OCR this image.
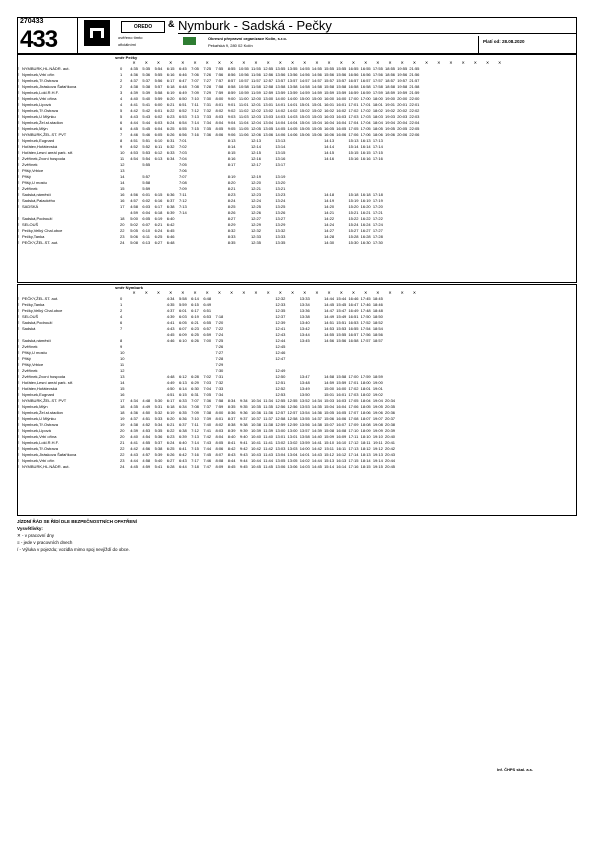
270433
433	OREDO	& Nymburk - Sadská - Pečky
ověřeno tímto
oficiálními
Okresní přepravní organizace Kolín, s.r.o.
Pekařská 9, 280 02 Kolín
Platí od: 28.08.2020
směr Pečky
			✕	✕	✕	✕	✕	✕	✕	✕	✕	✕	✕	✕	✕	✕	✕	✕	✕	✕	✕	✕	✕	✕	✕	✕	✕	✕	✕	✕	✕	✕	✕	
≡	NYMBURK,HL.NÁDR. aut.	0	4:35	5:35	5:54	6:15	6:45	7:05	7:25	7:55	8:55	10:55	11:55	12:55	13:55	13:55	14:55	14:55	15:55	15:55	16:55	16:55	17:55	18:55	19:55	21:55								
≡	Nymburk,Vrbí ořín	1	4:36	5:36	5:55	6:16	6:46	7:06	7:26	7:56	8:56	10:56	11:56	12:56	13:56	13:56	14:56	14:56	15:56	15:56	16:56	16:56	17:56	18:56	19:56	21:56								
≡	Nymburk,Tř.Ostrava	2	4:37	5:37	5:56	6:17	6:47	7:07	7:27	7:57	8:57	10:57	11:57	12:57	13:57	13:57	14:57	14:57	15:57	15:57	16:57	16:57	17:57	18:57	19:57	21:57								
≡	Nymburk,Jiráskova Šafaříkova	2	4:38	5:38	5:57	6:18	6:48	7:08	7:28	7:58	8:58	10:58	11:58	12:58	13:58	13:58	14:58	14:58	15:58	15:58	16:58	16:58	17:58	18:58	19:58	21:58								
≡	Nymburk,Lokl.R.H.F.	3	4:39	5:39	5:58	6:19	6:49	7:09	7:29	7:59	8:59	10:59	11:59	12:59	13:59	13:59	14:59	14:59	15:59	15:59	16:59	16:59	17:59	18:59	19:59	21:59								
≡	Nymburk,Vrbí ořína	4	4:40	5:40	5:59	6:20	6:50	7:10	7:30	8:00	9:00	11:00	12:00	13:00	14:00	14:00	15:00	15:00	16:00	16:00	17:00	17:00	18:00	19:00	20:00	22:00								
≡	Nymburk,Lipová	4	4:41	5:41	6:00	6:21	6:51	7:11	7:31	8:01	9:01	11:01	12:01	13:01	14:01	14:01	15:01	15:01	16:01	16:01	17:01	17:01	18:01	19:01	20:01	22:01								
≡	Nymburk,Tř.Ostrava	5	4:42	5:42	6:01	6:22	6:52	7:12	7:32	8:02	9:02	11:02	12:02	13:02	14:02	14:02	15:02	15:02	16:02	16:02	17:02	17:02	18:02	19:02	20:02	22:02								
≡	Nymburk,U Mlýnku	5	4:43	5:43	6:02	6:23	6:53	7:13	7:33	8:03	9:03	11:03	12:03	13:03	14:03	14:03	15:03	15:03	16:03	16:03	17:03	17:03	18:03	19:03	20:03	22:03								
≡	Nymburk,Žel.st.stadion	6	4:44	5:44	6:03	6:24	6:54	7:14	7:34	8:04	9:04	11:04	12:04	13:04	14:04	14:04	15:04	15:04	16:04	16:04	17:04	17:04	18:04	19:04	20:04	22:04								
≡	Nymburk,Mlýn	6	4:45	5:45	6:04	6:25	6:55	7:15	7:35	8:05	9:05	11:05	12:05	13:05	14:05	14:05	15:05	15:05	16:05	16:05	17:05	17:05	18:05	19:05	20:05	22:05								
≡	NYMBURK,ŽEL.ST. PVT	7	4:46	5:46	6:05	6:26	6:56	7:16	7:36	8:06	9:06	11:06	12:06	13:06	14:06	14:06	15:06	15:06	16:06	16:06	17:06	17:06	18:06	19:06	20:06	22:06								
≡	Nymburk,Eugnard	8	4:51	5:51	6:10	6:31	7:01				8:13		12:13		13:13				14:13		15:13	16:13	17:13											
≡	Hořátev,Hořátevská	9	4:52	5:52	6:11	6:32	7:02				8:14		12:14		13:14				14:14		15:14	16:14	17:14											
≡	Hořátev,Lesní areál park. stř.	10	4:53	5:53	6:12	6:33	7:03				8:15		12:15		13:15				14:15		15:15	16:15	17:15											
≡	Zvěřínek,Zvoní hospoda	11	4:54	5:54	6:13	6:34	7:04				8:16		12:16		13:16				14:16		15:16	16:16	17:16											
≡	Zvěřínek	12		5:55			7:05				8:17		12:17		13:17																			
≡	Přišý,Vrbice	13					7:06																											
≡	Přišý	14		5:57			7:07				8:19		12:19		13:19																			
≡	Přišý,U mostu	14		5:58			7:08				8:20		12:20		13:20																			
≡	Zvěřínek	15		5:59			7:09				8:21		12:21		13:21																			
≡	Sadská,náměstí	16	4:56	6:01	6:15	6:36	7:11				8:23		12:23		13:23				14:18		15:18	16:18	17:18											
≡	Sadská,Palackého	16	4:57	6:02	6:16	6:37	7:12				8:24		12:24		13:24				14:19		15:19	16:19	17:19											
≡	SADSKÁ	17	4:58	6:03	6:17	6:38	7:13				8:25		12:25		13:25				14:20		15:20	16:20	17:20											
			4:59	6:04	6:18	6:39	7:14				8:26		12:26		13:26				14:21		15:21	16:21	17:21											
≡	Sadská,Podrouží	18	5:00	6:05	6:19	6:40					8:27		12:27		13:27				14:22		15:22	16:22	17:22											
≡	SELOUŠ	20	5:02	6:07	6:21	6:42					8:29		12:29		13:29				14:24		15:24	16:24	17:24											
≡	Pečky,Velký Chal.obce	22	5:05	6:10	6:24	6:45					8:32		12:32		13:32				14:27		15:27	16:27	17:27											
≡	Pečky,Tanka	23	5:06	6:11	6:25	6:46					8:33		12:33		13:33				14:28		15:28	16:28	17:28											
≡	PEČKY,ŽEL.ST. aut.	24	5:08	6:13	6:27	6:48					8:35		12:35		13:35				14:30		15:30	16:30	17:30											
směr Nymburk
			✕	✕	✕	✕	✕	✕	✕	✕	✕	✕	✕	✕	✕	✕	✕	✕	✕	✕	✕	✕	✕	✕	✕	✕								
≡	PEČKY,ŽEL.ST. aut.	0				4:34	5:58	6:14	6:48						12:32		13:33		14:44	15:44	16:46	17:45	18:45											
≡	Pečky,Tanka	1				4:35	5:59	6:15	6:49						12:33		13:34		14:45	15:45	16:47	17:46	18:46											
≡	Pečky,Velký Chal.obce	2				4:37	6:01	6:17	6:51						12:35		13:36		14:47	15:47	16:49	17:48	18:48											
≡	SELOUŠ	4				4:39	6:03	6:19	6:53	7:18					12:37		13:38		14:49	15:49	16:51	17:50	18:50											
≡	Sadská,Podrouží	6				4:41	6:05	6:21	6:55	7:20					12:39		13:40		14:51	15:51	16:53	17:52	18:52											
≡	Sadská	7				4:43	6:07	6:23	6:57	7:22					12:41		13:42		14:53	15:53	16:55	17:54	18:54											
						4:45	6:09	6:25	6:59	7:24					12:43		13:44		14:55	15:55	16:57	17:56	18:56											
≡	Sadská,náměstí	8				4:46	6:10	6:26	7:00	7:25					12:44		13:45		14:56	15:56	16:58	17:57	18:57											
≡	Zvěřínek	9								7:26					12:45																			
≡	Přišý,U mostu	10								7:27					12:46																			
≡	Přišý	10								7:28					12:47																			
≡	Přišý,Vrbice	11								7:29																								
≡	Zvěřínek	12								7:30					12:49																			
≡	Zvěřínek,Zvoní hospoda	13				4:48	6:12	6:28	7:02	7:31					12:50		13:47		14:58	15:58	17:00	17:59	18:59											
≡	Hořátev,Lesní areál park. stř.	14				4:49	6:13	6:29	7:03	7:32					12:51		13:48		14:59	15:59	17:01	18:00	19:00											
≡	Hořátev,Hořátevská	15				4:50	6:14	6:30	7:04	7:33					12:52		13:49		15:00	16:00	17:02	18:01	19:01											
≡	Nymburk,Eugnard	16				4:51	6:15	6:31	7:05	7:34					12:53		13:50		15:01	16:01	17:03	18:02	19:02											
≡	NYMBURK,ŽEL.ST. PVT	17	4:34	4:48	5:30	6:17	6:33	7:07	7:36	7:58	8:34	9:34	10:34	11:34	12:55	12:55	13:52	14:34	15:03	16:03	17:05	18:04	19:04	20:34										
≡	Nymburk,Mlýn	18	4:35	4:49	5:31	6:18	6:34	7:08	7:37	7:59	8:35	9:35	10:35	11:35	12:56	12:56	13:53	14:35	15:04	16:04	17:06	18:05	19:05	20:35										
≡	Nymburk,Žel.st.stadion	18	4:36	4:50	5:32	6:19	6:35	7:09	7:38	8:00	8:36	9:36	10:36	11:36	12:57	12:57	13:54	14:36	15:05	16:05	17:07	18:06	19:06	20:36										
≡	Nymburk,U Mlýnku	19	4:37	4:51	5:33	6:20	6:36	7:10	7:39	8:01	8:37	9:37	10:37	11:37	12:58	12:58	13:55	14:37	15:06	16:06	17:08	18:07	19:07	20:37										
≡	Nymburk,Tř.Ostrava	19	4:38	4:52	5:34	6:21	6:37	7:11	7:40	8:02	8:38	9:38	10:38	11:38	12:59	12:59	13:56	14:38	15:07	16:07	17:09	18:08	19:08	20:38										
≡	Nymburk,Lipová	20	4:39	4:53	5:35	6:22	6:38	7:12	7:41	8:03	8:39	9:39	10:39	11:39	13:00	13:00	13:57	14:39	15:08	16:08	17:10	18:09	19:09	20:39										
≡	Nymburk,Vrbí ořína	20	4:40	4:54	5:36	6:23	6:39	7:13	7:42	8:04	8:40	9:40	10:40	11:40	13:01	13:01	13:58	14:40	15:09	16:09	17:11	18:10	19:10	20:40										
≡	Nymburk,Lokl.R.H.F.	21	4:41	4:55	5:37	6:24	6:40	7:14	7:43	8:05	8:41	9:41	10:41	11:41	13:02	13:02	13:59	14:41	15:10	16:10	17:12	18:11	19:11	20:41										
≡	Nymburk,Tř.Ostrava	22	4:42	4:56	5:38	6:25	6:41	7:15	7:44	8:06	8:42	9:42	10:42	11:42	13:03	13:03	14:00	14:42	15:11	16:11	17:13	18:12	19:12	20:42										
≡	Nymburk,Jiráskova Šafaříkova	22	4:43	4:57	5:39	6:26	6:42	7:16	7:45	8:07	8:43	9:43	10:43	11:43	13:04	13:04	14:01	14:43	15:12	16:12	17:14	18:13	19:13	20:43										
≡	Nymburk,Vrbí ořín	23	4:44	4:58	5:40	6:27	6:43	7:17	7:46	8:08	8:44	9:44	10:44	11:44	13:05	13:05	14:02	14:44	15:13	16:13	17:15	18:14	19:14	20:44										
≡	NYMBURK,HL.NÁDR. aut.	24	4:45	4:59	5:41	6:28	6:44	7:18	7:47	8:09	8:45	9:45	10:45	11:45	13:06	13:06	14:03	14:45	15:14	16:14	17:16	18:15	19:15	20:45										
JÍZDNÍ ŘÁD SE ŘÍDÍ DLE BEZPEČNOSTNÍCH OPATŘENÍ
Vysvětlivky:
✕ - v pracovní dny
≡ - jede v pracovních dnech
/ - Výluka v pojezdu; vozidla mimo spoj nevjíždí do obce.
Inf. ČHPS skal. a.s.
